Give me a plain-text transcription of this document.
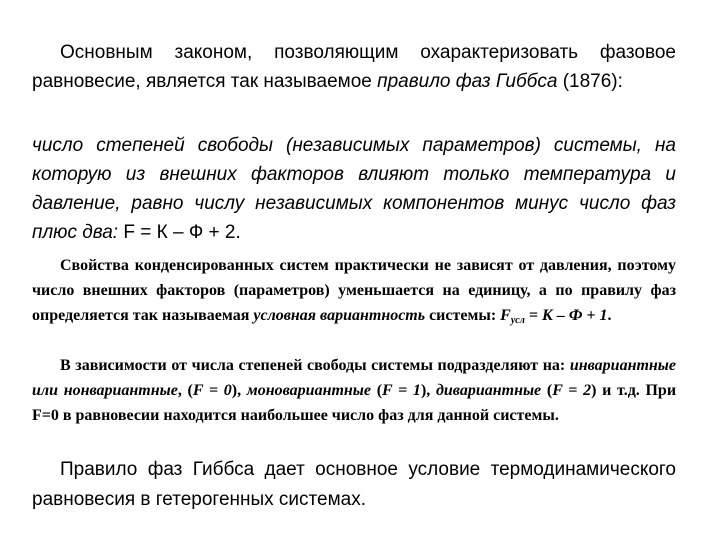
Основным законом, позволяющим охарактеризовать фазовое равновесие, является так называемое правило фаз Гиббса (1876):

число степеней свободы (независимых параметров) системы, на которую из внешних факторов влияют только температура и давление, равно числу независимых компонентов минус число фаз плюс два: F = К – Ф + 2.

Свойства конденсированных систем практически не зависят от давления, поэтому число внешних факторов (параметров) уменьшается на единицу, а по правилу фаз определяется так называемая условная вариантность системы: $F_{усл} = К - Ф + 1$.

В зависимости от числа степеней свободы системы подразделяют на: инвариантные или нонвариантные, (F = 0), моновариантные (F = 1), дивариантные (F = 2) и т.д. При F=0 в равновесии находится наибольшее число фаз для данной системы.

Правило фаз Гиббса дает основное условие термодинамического равновесия в гетерогенных системах.
